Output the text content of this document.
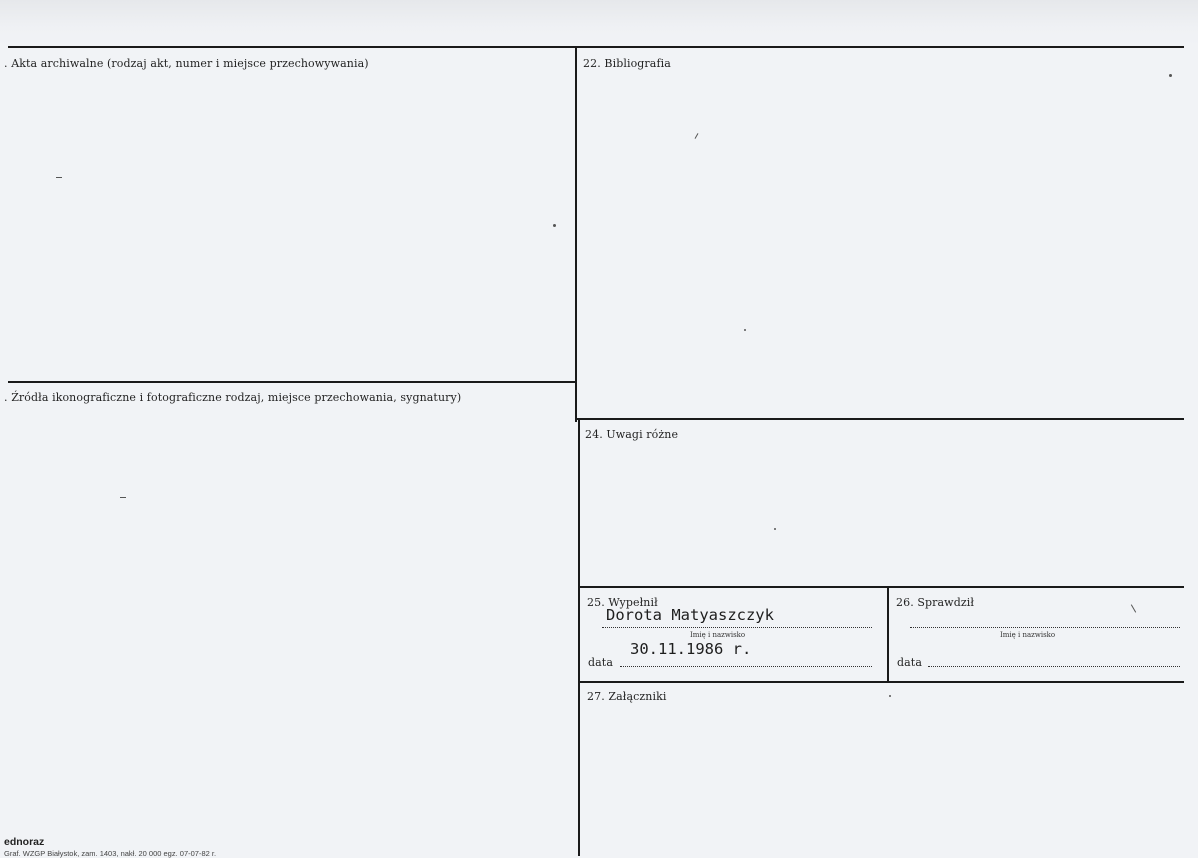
. Akta archiwalne (rodzaj akt, numer i miejsce przechowywania)	22. Bibliografia
. Źródła ikonograficzne i fotograficzne rodzaj, miejsce przechowania, sygnatury)
24. Uwagi różne
25. Wypełnił
Dorota Matyaszczyk
Imię i nazwisko
data
30.11.1986 r.
26. Sprawdził
Imię i nazwisko
data
27. Załączniki
ednoraz
Graf. WZGP Białystok, zam. 1403, nakł. 20 000 egz. 07-07-82 r.
